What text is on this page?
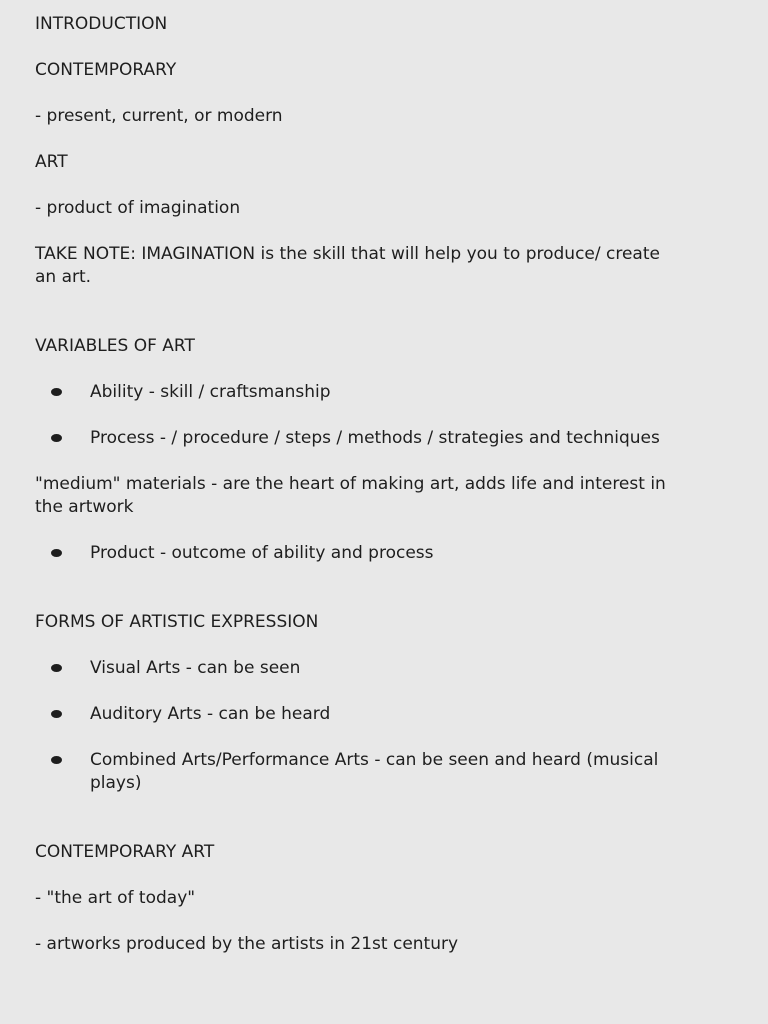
INTRODUCTION

CONTEMPORARY

- present, current, or modern

ART

- product of imagination

TAKE NOTE: IMAGINATION is the skill that will help you to produce/ create an art.

VARIABLES OF ART

Ability - skill / craftsmanship
Process - / procedure / steps / methods / strategies and techniques

"medium" materials - are the heart of making art, adds life and interest in the artwork

Product - outcome of ability and process

FORMS OF ARTISTIC EXPRESSION

Visual Arts - can be seen
Auditory Arts - can be heard
Combined Arts/Performance Arts - can be seen and heard (musical plays)

CONTEMPORARY ART

- "the art of today"

- artworks produced by the artists in 21st century
